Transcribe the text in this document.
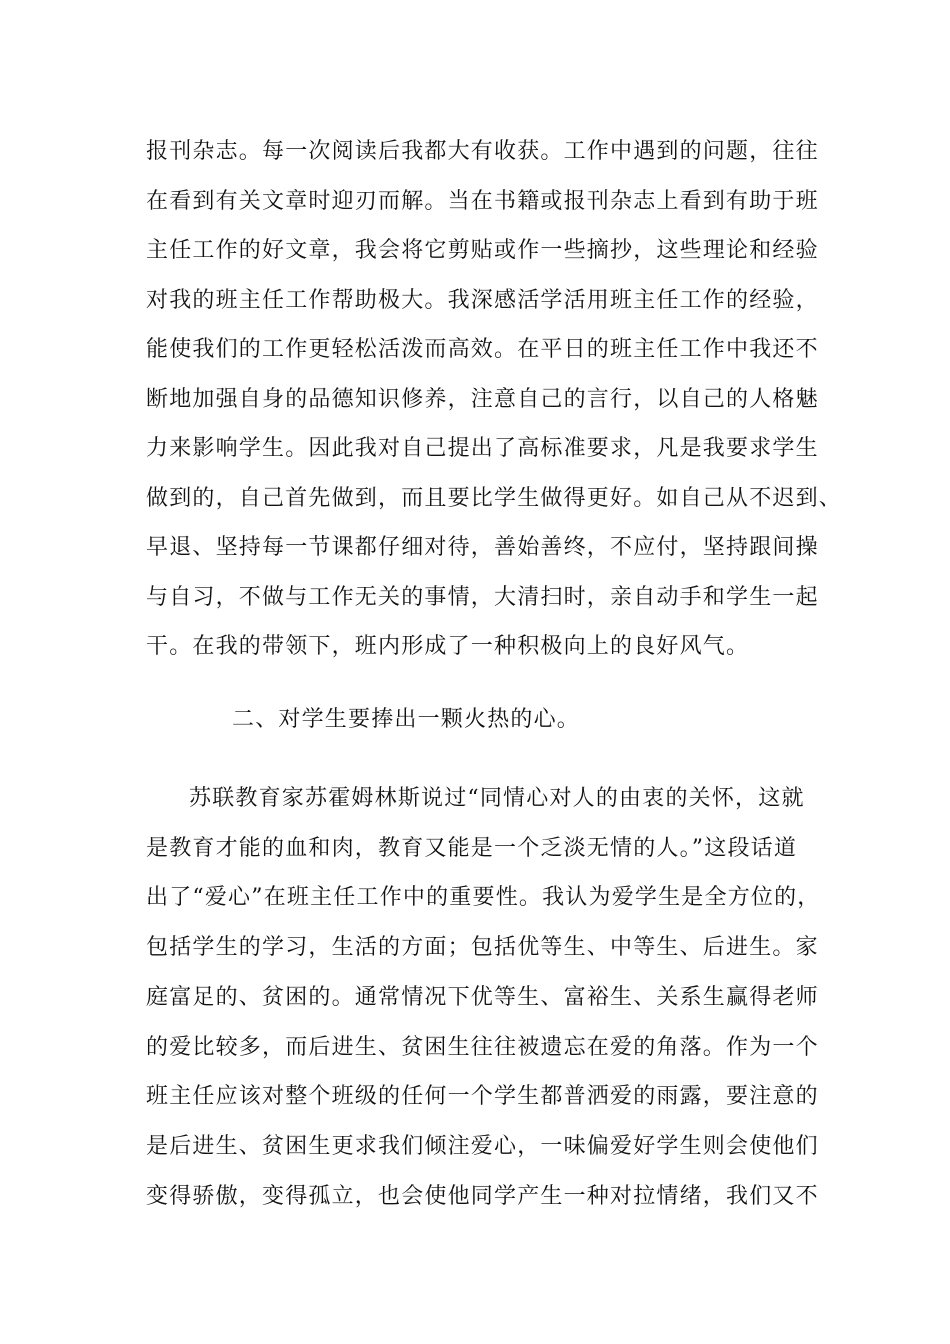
报刊杂志。每一次阅读后我都大有收获。工作中遇到的问题，往往
在看到有关文章时迎刃而解。当在书籍或报刊杂志上看到有助于班
主任工作的好文章，我会将它剪贴或作一些摘抄，这些理论和经验
对我的班主任工作帮助极大。我深感活学活用班主任工作的经验，
能使我们的工作更轻松活泼而高效。在平日的班主任工作中我还不
断地加强自身的品德知识修养，注意自己的言行，以自己的人格魅
力来影响学生。因此我对自己提出了高标准要求，凡是我要求学生
做到的，自己首先做到，而且要比学生做得更好。如自己从不迟到、
早退、坚持每一节课都仔细对待，善始善终，不应付，坚持跟间操
与自习，不做与工作无关的事情，大清扫时，亲自动手和学生一起
干。在我的带领下，班内形成了一种积极向上的良好风气。
二、对学生要捧出一颗火热的心。
苏联教育家苏霍姆林斯说过“同情心对人的由衷的关怀，这就
是教育才能的血和肉，教育又能是一个乏淡无情的人。”这段话道
出了“爱心”在班主任工作中的重要性。我认为爱学生是全方位的，
包括学生的学习，生活的方面；包括优等生、中等生、后进生。家
庭富足的、贫困的。通常情况下优等生、富裕生、关系生赢得老师
的爱比较多，而后进生、贫困生往往被遗忘在爱的角落。作为一个
班主任应该对整个班级的任何一个学生都普洒爱的雨露，要注意的
是后进生、贫困生更求我们倾注爱心，一味偏爱好学生则会使他们
变得骄傲，变得孤立，也会使他同学产生一种对拉情绪，我们又不
